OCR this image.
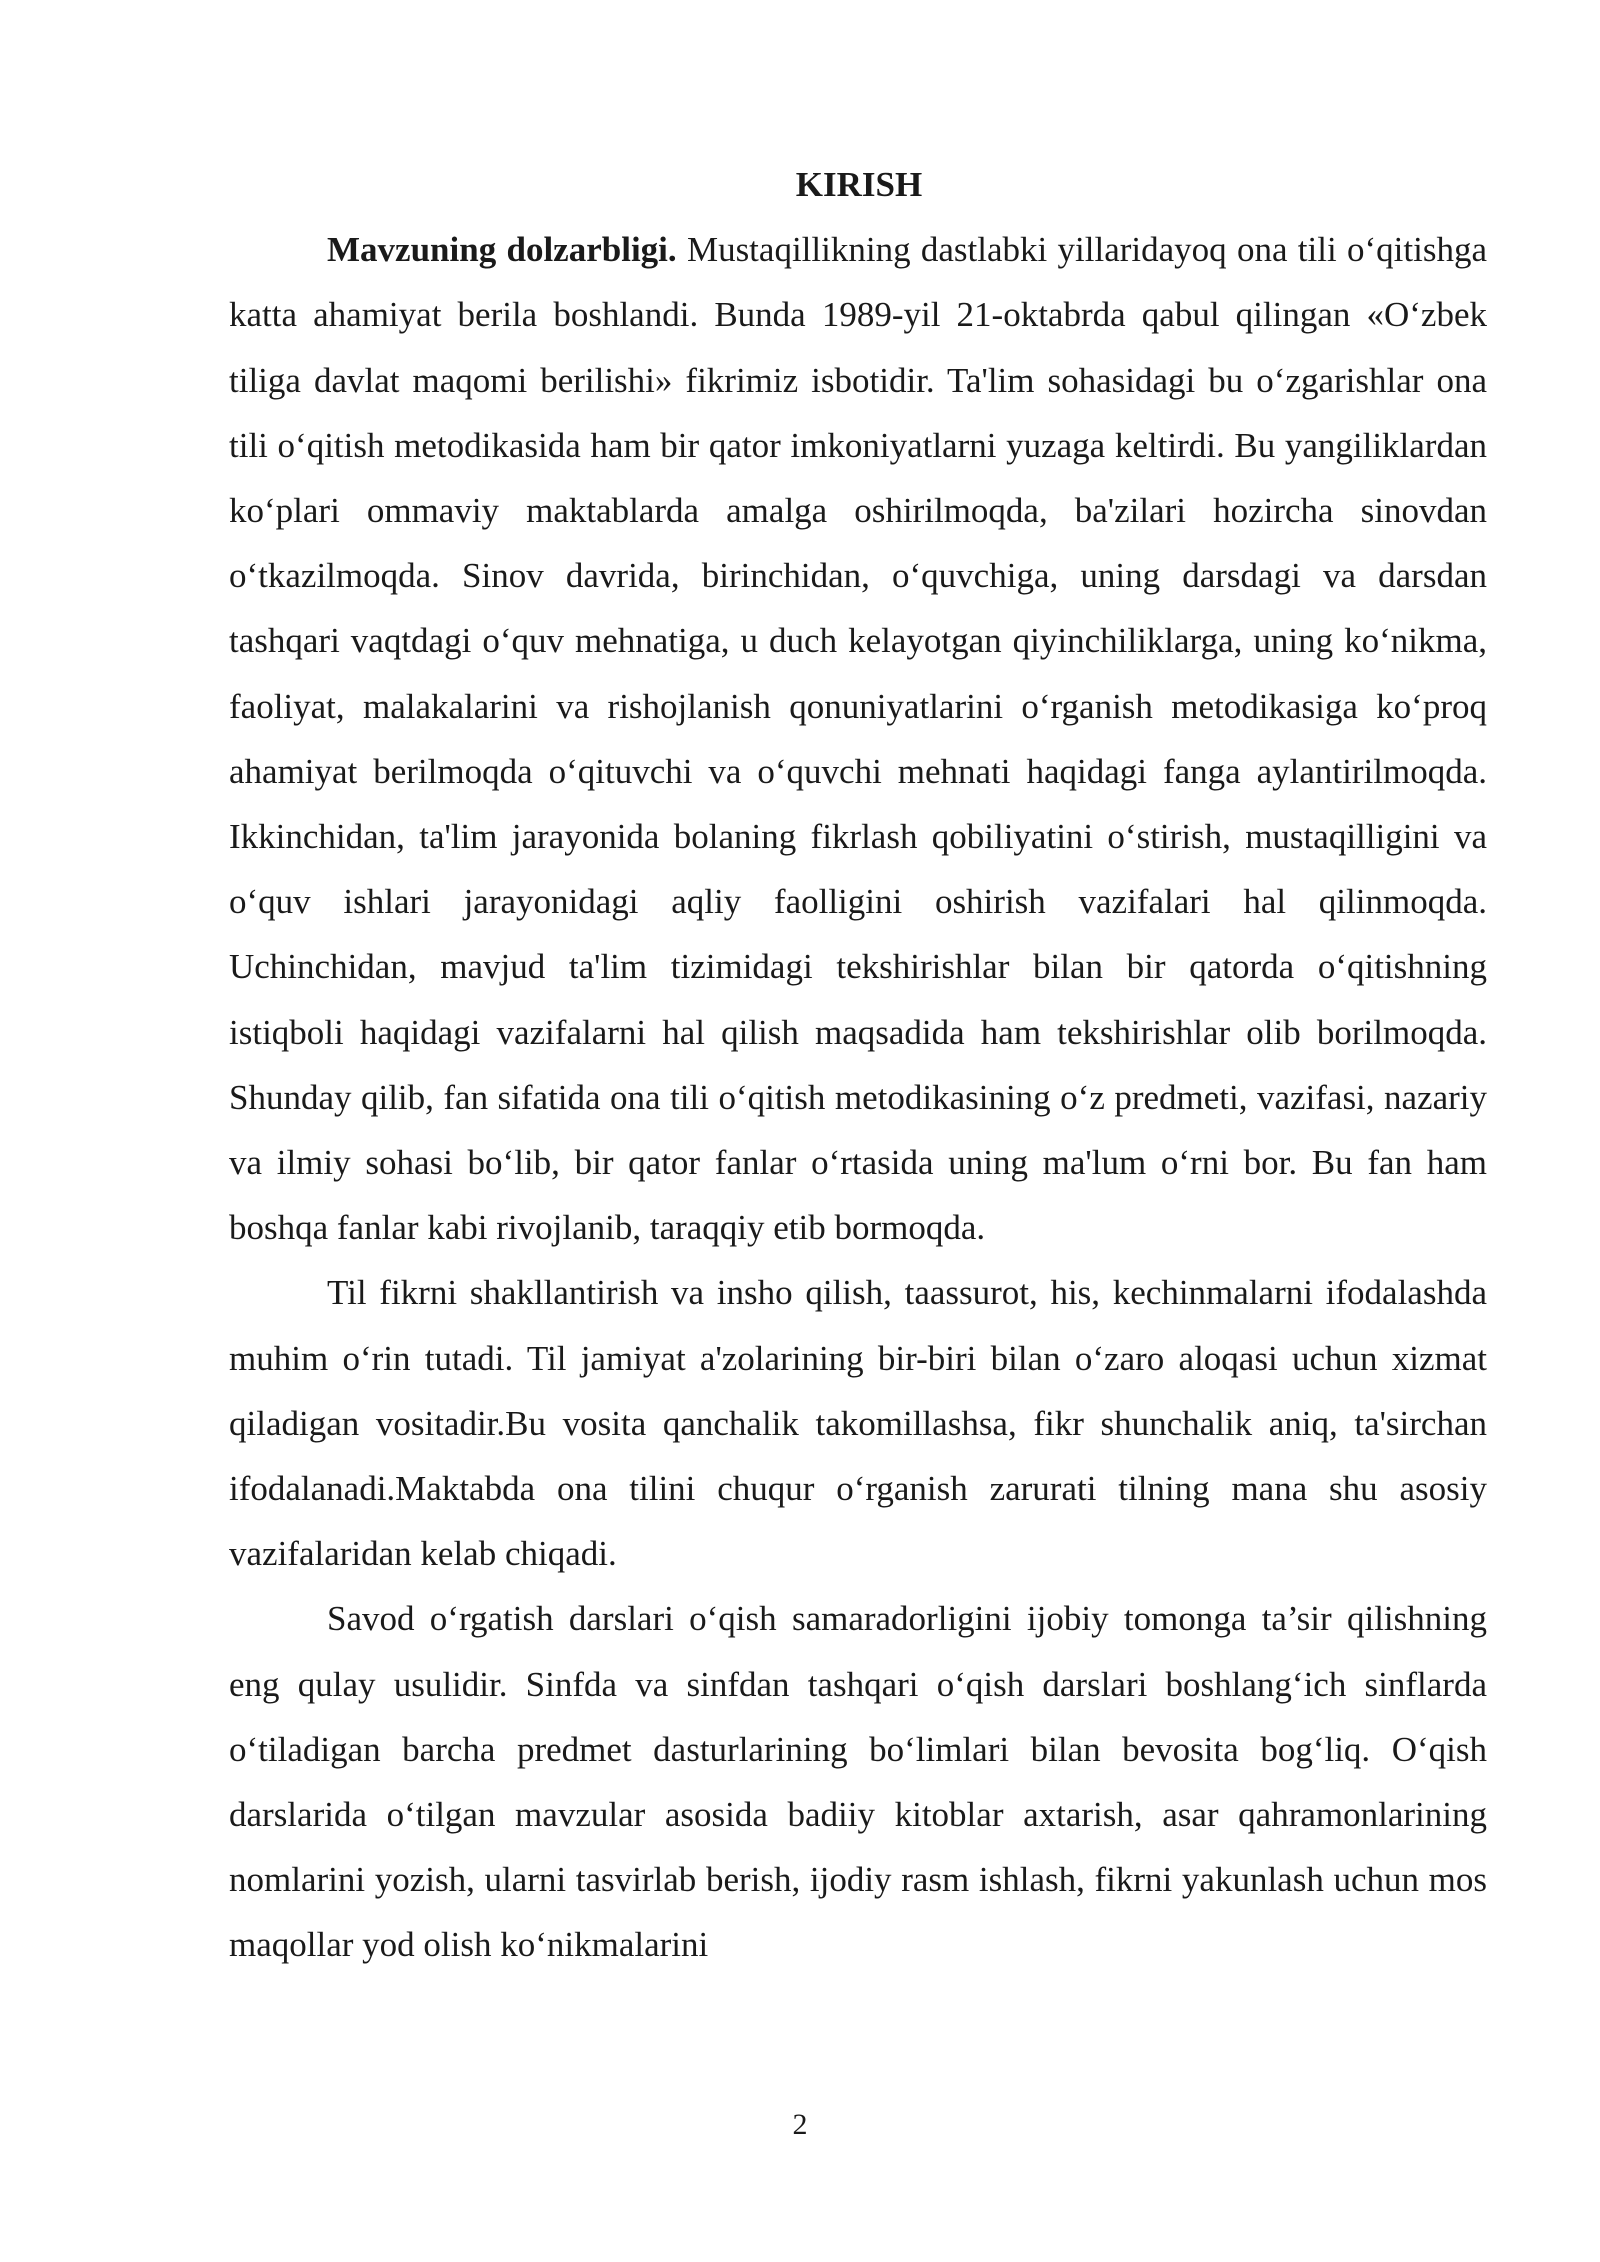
KIRISH

Mavzuning dolzarbligi. Mustaqillikning dastlabki yillaridayoq ona tili o‘qitishga katta ahamiyat berila boshlandi. Bunda 1989-yil 21-oktabrda qabul qilingan «O‘zbek tiliga davlat maqomi berilishi» fikrimiz isbotidir. Ta'lim sohasidagi bu o‘zgarishlar ona tili o‘qitish metodikasida ham bir qator imkoniyatlarni yuzaga keltirdi. Bu yangiliklardan ko‘plari ommaviy maktablarda amalga oshirilmoqda, ba'zilari hozircha sinovdan o‘tkazilmoqda. Sinov davrida, birinchidan, o‘quvchiga, uning darsdagi va darsdan tashqari vaqtdagi o‘quv mehnatiga, u duch kelayotgan qiyinchiliklarga, uning ko‘nikma, faoliyat, malakalarini va rishojlanish qonuniyatlarini o‘rganish metodikasiga ko‘proq ahamiyat berilmoqda o‘qituvchi va o‘quvchi mehnati haqidagi fanga aylantirilmoqda. Ikkinchidan, ta'lim jarayonida bolaning fikrlash qobiliyatini o‘stirish, mustaqilligini va o‘quv ishlari jarayonidagi aqliy faolligini oshirish vazifalari hal qilinmoqda. Uchinchidan, mavjud ta'lim tizimidagi tekshirishlar bilan bir qatorda o‘qitishning istiqboli haqidagi vazifalarni hal qilish maqsadida ham tekshirishlar olib borilmoqda. Shunday qilib, fan sifatida ona tili o‘qitish metodikasining o‘z predmeti, vazifasi, nazariy va ilmiy sohasi bo‘lib, bir qator fanlar o‘rtasida uning ma'lum o‘rni bor. Bu fan ham boshqa fanlar kabi rivojlanib, taraqqiy etib bormoqda.

Til fikrni shakllantirish va insho qilish, taassurot, his, kechinmalarni ifodalashda muhim o‘rin tutadi. Til jamiyat a'zolarining bir-biri bilan o‘zaro aloqasi uchun xizmat qiladigan vositadir.Bu vosita qanchalik takomillashsa, fikr shunchalik aniq, ta'sirchan ifodalanadi.Maktabda ona tilini chuqur o‘rganish zarurati tilning mana shu asosiy vazifalaridan kelab chiqadi.

Savod o‘rgatish darslari o‘qish samaradorligini ijobiy tomonga ta’sir qilishning eng qulay usulidir. Sinfda va sinfdan tashqari o‘qish darslari boshlang‘ich sinflarda o‘tiladigan barcha predmet dasturlarining bo‘limlari bilan bevosita bog‘liq. O‘qish darslarida o‘tilgan mavzular asosida badiiy kitoblar axtarish, asar qahramonlarining nomlarini yozish, ularni tasvirlab berish, ijodiy rasm ishlash, fikrni yakunlash uchun mos maqollar yod olish ko‘nikmalarini

2
